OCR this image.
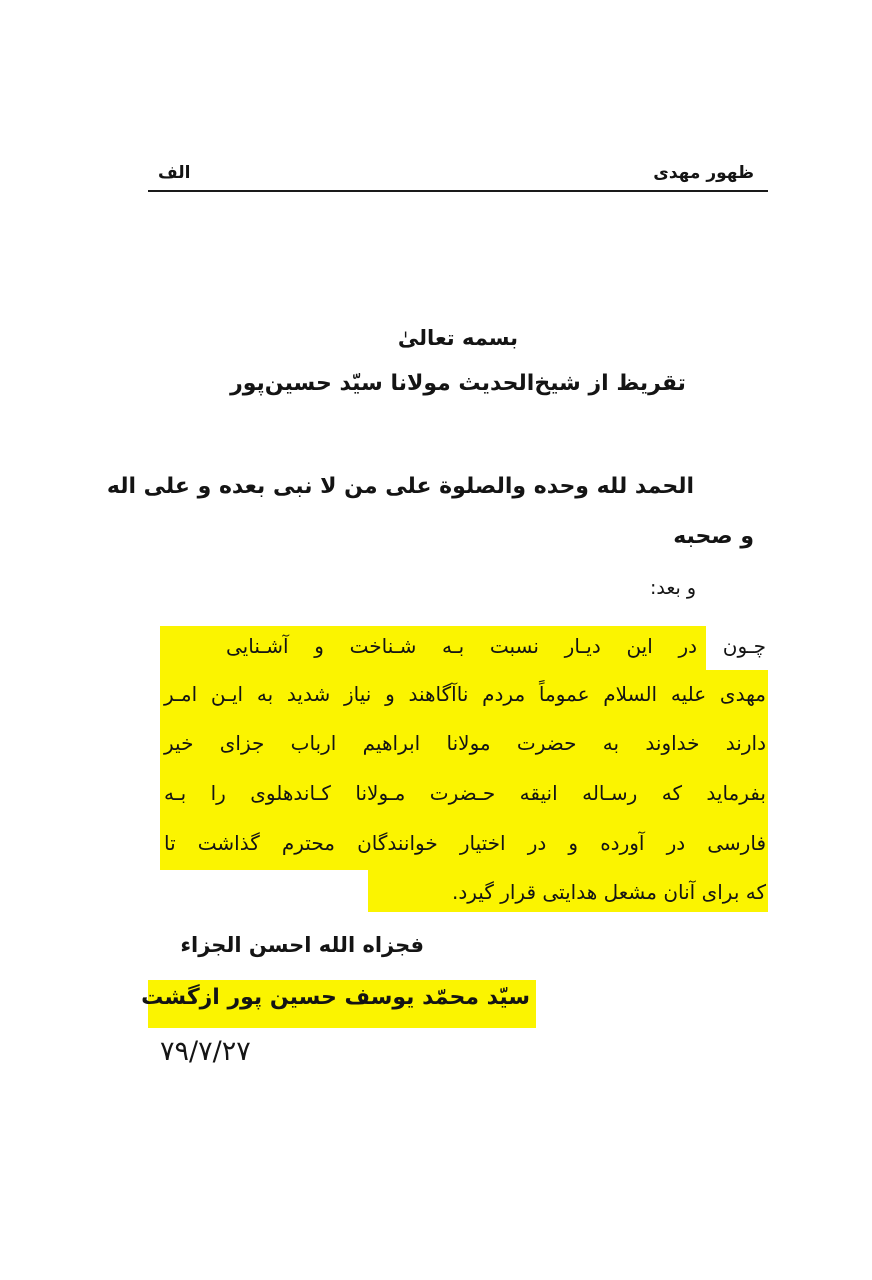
ظهور مهدی
الف
بسمه تعالیٰ
تقریظ از شیخ‌الحدیث مولانا سیّد حسین‌پور
الحمد لله وحده والصلوة علی من لا نبی بعده و علی اله
و صحبه
و بعد:
چـون در این دیـار نسبت بـه شـناخت و آشـنایی
مهدی علیه السلام عموماً مردم ناآگاهند و نیاز شدید به ایـن امـر
دارند خداوند به حضرت مولانا ابراهیم ارباب جزای خیر
بفرماید که رسـاله انیقه حـضرت مـولانا کـاندهلوی را بـه
فارسی در آورده و در اختیار خوانندگان محترم گذاشت تا
که برای آنان مشعل هدایتی قرار گیرد.
فجزاه الله احسن الجزاء
سیّد محمّد یوسف حسین پور ازگشت
۷۹/۷/۲۷
